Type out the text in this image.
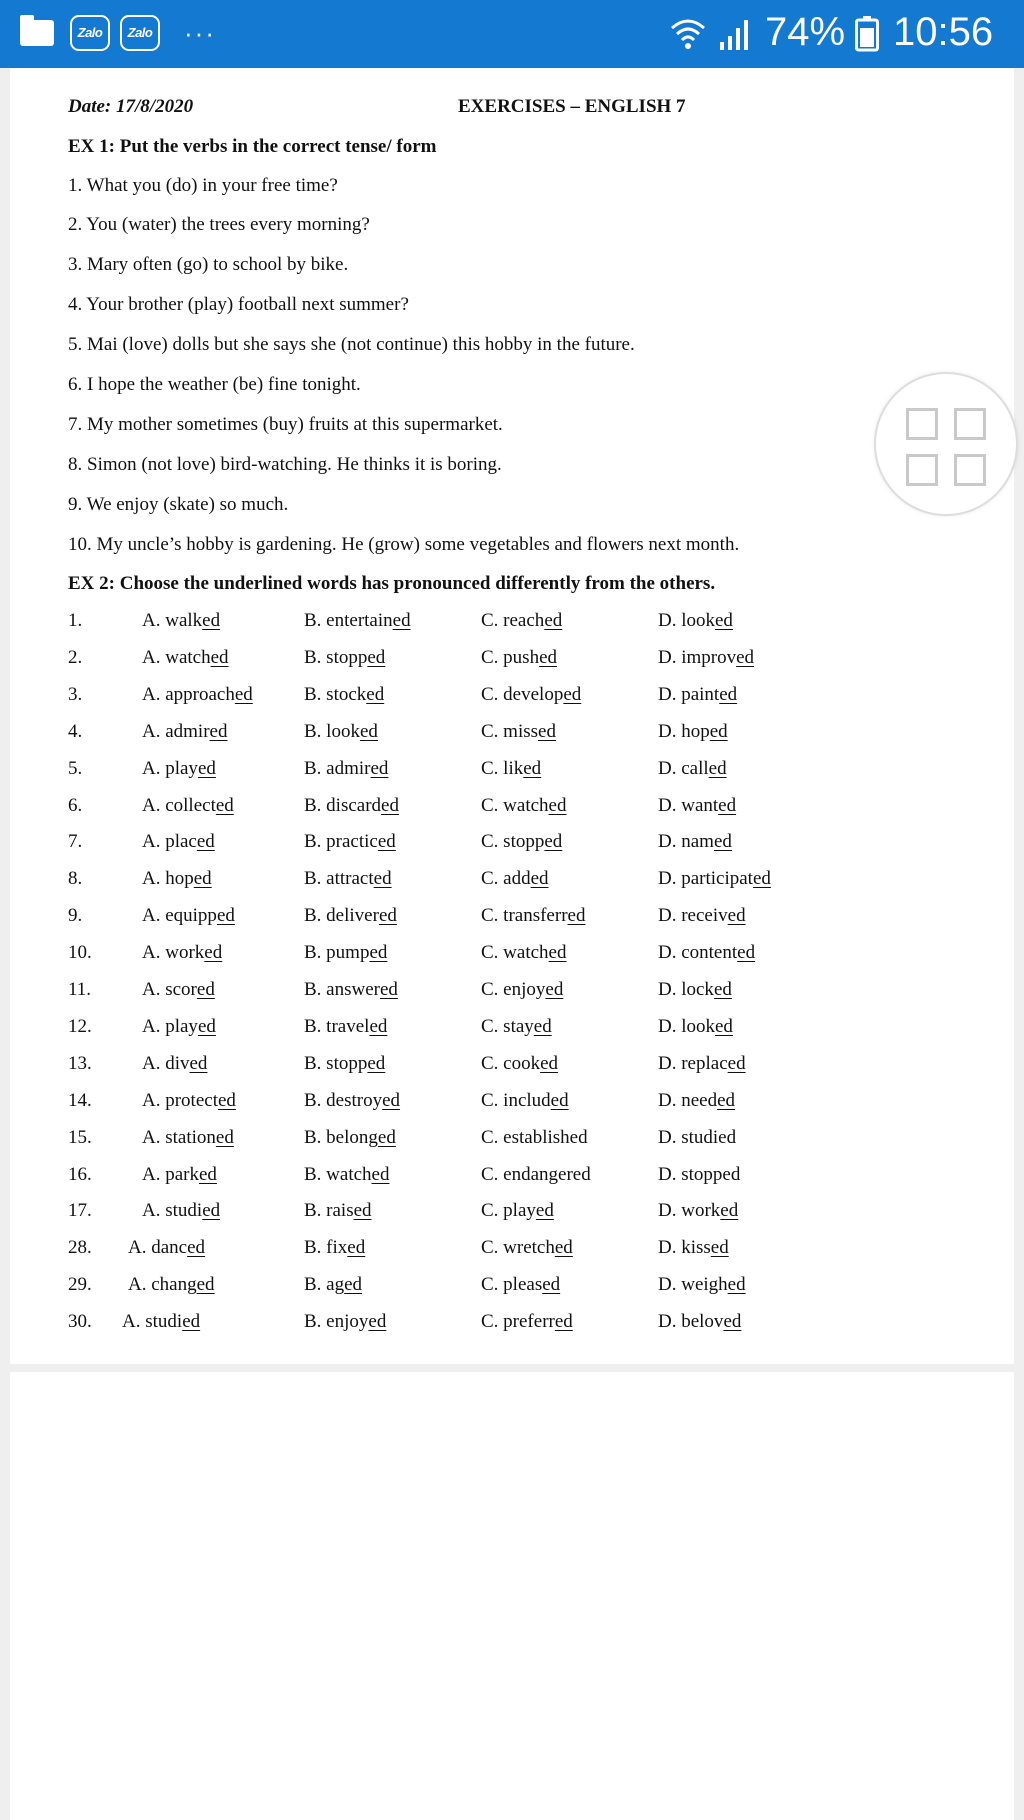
Zalo	Zalo ···	74% 10:56
Date: 17/8/2020	EXERCISES – ENGLISH 7
EX 1: Put the verbs in the correct tense/ form
1. What you (do) in your free time?
2. You (water) the trees every morning?
3. Mary often (go) to school by bike.
4. Your brother (play) football next summer?
5. Mai (love) dolls but she says she (not continue) this hobby in the future.
6. I hope the weather (be) fine tonight.
7. My mother sometimes (buy) fruits at this supermarket.
8. Simon (not love) bird-watching. He thinks it is boring.
9. We enjoy (skate) so much.
10. My uncle’s hobby is gardening. He (grow) some vegetables and flowers next month.
EX 2: Choose the underlined words has pronounced differently from the others.
1.	A. walked	B. entertained	C. reached	D. looked
2.	A. watched	B. stopped	C. pushed	D. improved
3.	A. approached	B. stocked	C. developed	D. painted
4.	A. admired	B. looked	C. missed	D. hoped
5.	A. played	B. admired	C. liked	D. called
6.	A. collected	B. discarded	C. watched	D. wanted
7.	A. placed	B. practiced	C. stopped	D. named
8.	A. hoped	B. attracted	C. added	D. participated
9.	A. equipped	B. delivered	C. transferred	D. received
10.	A. worked	B. pumped	C. watched	D. contented
11.	A. scored	B. answered	C. enjoyed	D. locked
12.	A. played	B. traveled	C. stayed	D. looked
13.	A. dived	B. stopped	C. cooked	D. replaced
14.	A. protected	B. destroyed	C. included	D. needed
15.	A. stationed	B. belonged	C. established	D. studied
16.	A. parked	B. watched	C. endangered	D. stopped
17.	A. studied	B. raised	C. played	D. worked
28. A. danced	B. fixed	C. wretched	D. kissed
29. A. changed	B. aged	C. pleased	D. weighed
30. A. studied	B. enjoyed	C. preferred	D. beloved
